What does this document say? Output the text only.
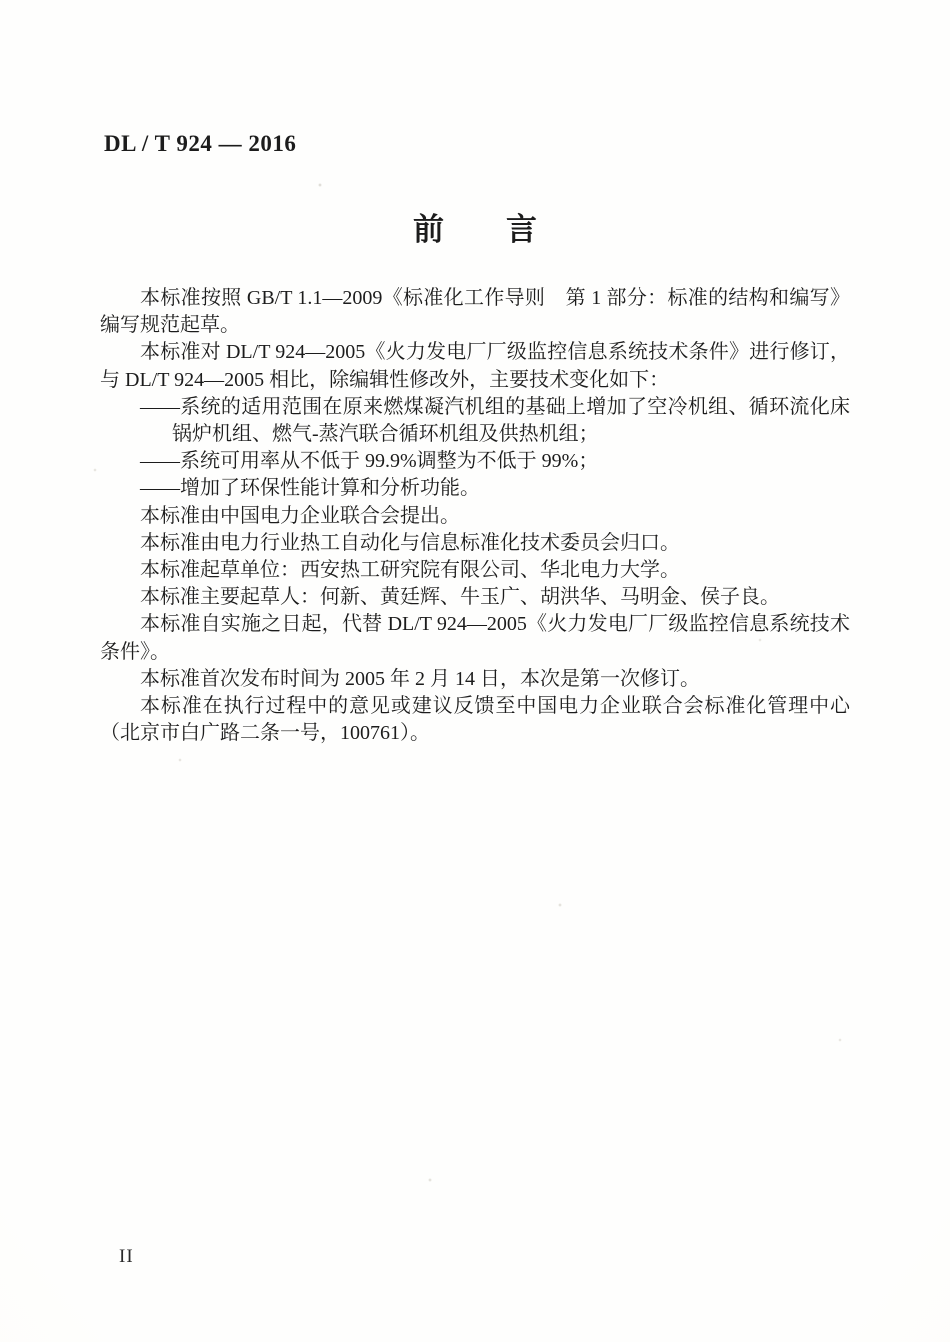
DL / T 924 — 2016
前　　言

本标准按照 GB/T 1.1—2009《标准化工作导则　第 1 部分：标准的结构和编写》编写规范起草。

本标准对 DL/T 924—2005《火力发电厂厂级监控信息系统技术条件》进行修订，与 DL/T 924—2005 相比，除编辑性修改外，主要技术变化如下：

——系统的适用范围在原来燃煤凝汽机组的基础上增加了空冷机组、循环流化床锅炉机组、燃气-蒸汽联合循环机组及供热机组；

——系统可用率从不低于 99.9%调整为不低于 99%；

——增加了环保性能计算和分析功能。

本标准由中国电力企业联合会提出。

本标准由电力行业热工自动化与信息标准化技术委员会归口。

本标准起草单位：西安热工研究院有限公司、华北电力大学。

本标准主要起草人：何新、黄廷辉、牛玉广、胡洪华、马明金、侯子良。

本标准自实施之日起，代替 DL/T 924—2005《火力发电厂厂级监控信息系统技术条件》。

本标准首次发布时间为 2005 年 2 月 14 日，本次是第一次修订。

本标准在执行过程中的意见或建议反馈至中国电力企业联合会标准化管理中心（北京市白广路二条一号，100761）。

II
